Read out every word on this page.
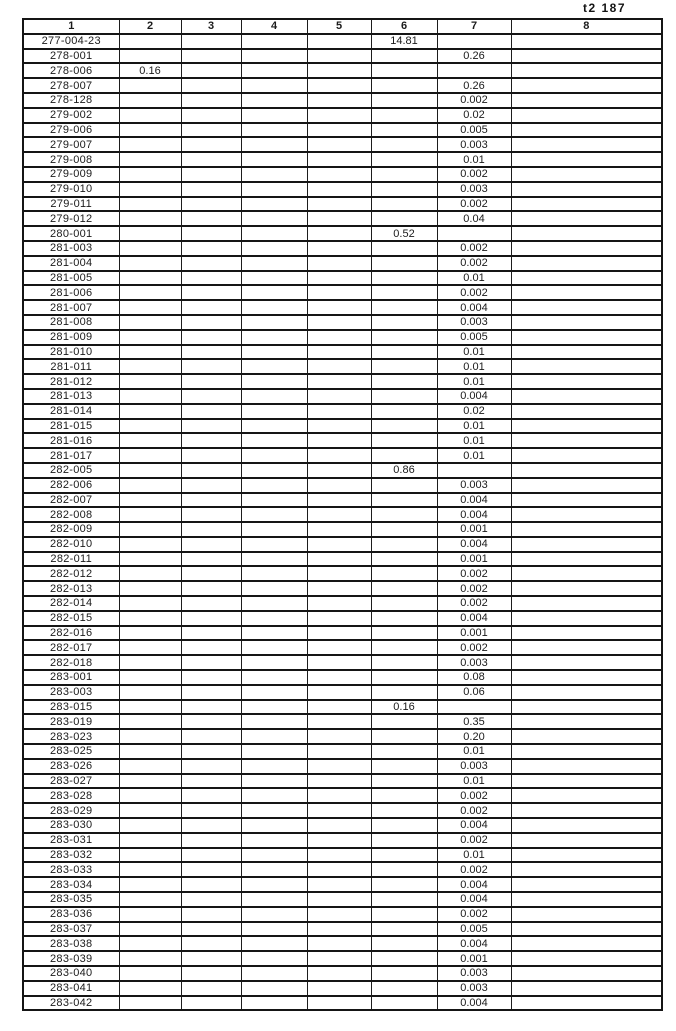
t2 187
1	2	3	4	5	6	7	8
277-004-23					14.81		
278-001						0.26	
278-006	0.16						
278-007						0.26	
278-128						0.002	
279-002						0.02	
279-006						0.005	
279-007						0.003	
279-008						0.01	
279-009						0.002	
279-010						0.003	
279-011						0.002	
279-012						0.04	
280-001					0.52		
281-003						0.002	
281-004						0.002	
281-005						0.01	
281-006						0.002	
281-007						0.004	
281-008						0.003	
281-009						0.005	
281-010						0.01	
281-011						0.01	
281-012						0.01	
281-013						0.004	
281-014						0.02	
281-015						0.01	
281-016						0.01	
281-017						0.01	
282-005					0.86		
282-006						0.003	
282-007						0.004	
282-008						0.004	
282-009						0.001	
282-010						0.004	
282-011						0.001	
282-012						0.002	
282-013						0.002	
282-014						0.002	
282-015						0.004	
282-016						0.001	
282-017						0.002	
282-018						0.003	
283-001						0.08	
283-003						0.06	
283-015					0.16		
283-019						0.35	
283-023						0.20	
283-025						0.01	
283-026						0.003	
283-027						0.01	
283-028						0.002	
283-029						0.002	
283-030						0.004	
283-031						0.002	
283-032						0.01	
283-033						0.002	
283-034						0.004	
283-035						0.004	
283-036						0.002	
283-037						0.005	
283-038						0.004	
283-039						0.001	
283-040						0.003	
283-041						0.003	
283-042						0.004	
